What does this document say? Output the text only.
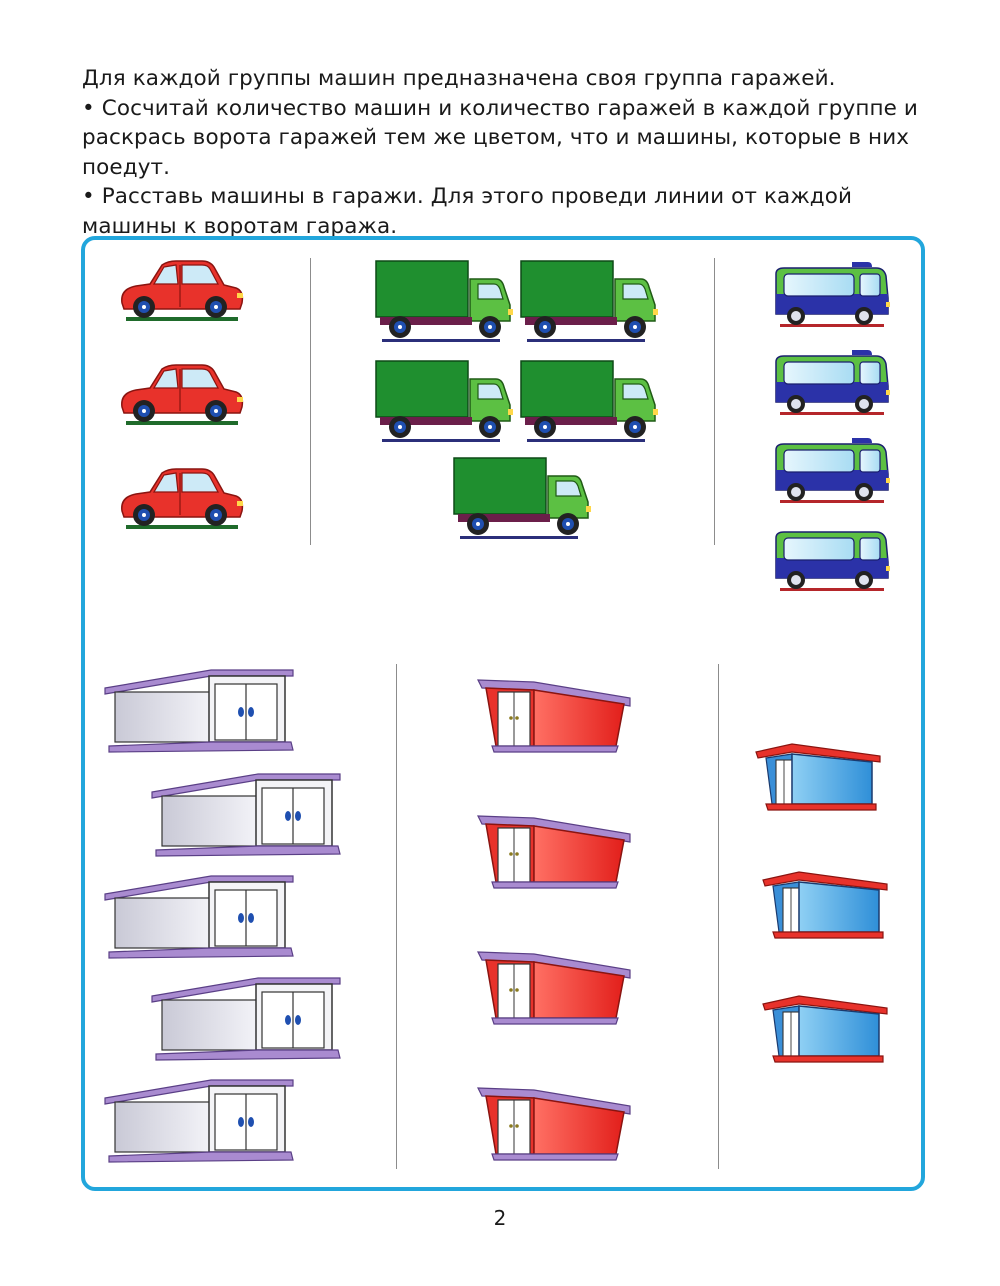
Для каждой группы машин предназначена своя группа гаражей.

• Сосчитай количество машин и количество гаражей в каждой группе и раскрась ворота гаражей тем же цветом, что и машины, которые в них поедут.

• Расставь машины в гаражи. Для этого проведи линии от каждой машины к воротам гаража.

2
